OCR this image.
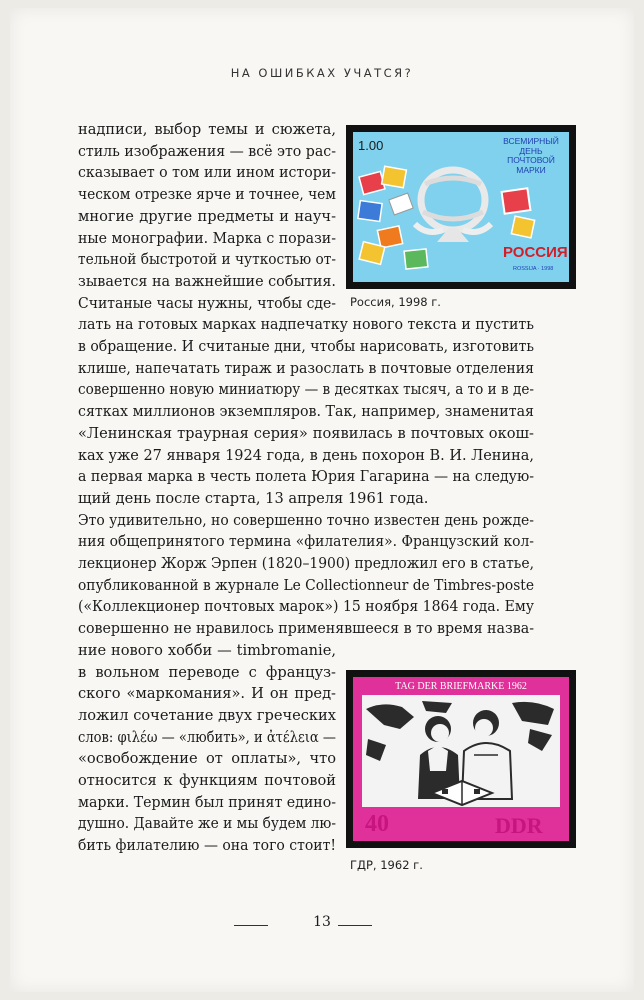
НА ОШИБКАХ УЧАТСЯ?
надписи, выбор темы и сюжета,
стиль изображения — всё это рас-
сказывает о том или ином истори-
ческом отрезке ярче и точнее, чем
многие другие предметы и науч-
ные монографии. Марка с порази-
тельной быстротой и чуткостью от-
зывается на важнейшие события.
Считаные часы нужны, чтобы сде-
лать на готовых марках надпечатку нового текста и пустить
в обращение. И считаные дни, чтобы нарисовать, изготовить
клише, напечатать тираж и разослать в почтовые отделения
совершенно новую миниатюру — в десятках тысяч, а то и в де-
сятках миллионов экземпляров. Так, например, знаменитая
«Ленинская траурная серия» появилась в почтовых окош-
ках уже 27 января 1924 года, в день похорон В. И. Ленина,
а первая марка в честь полета Юрия Гагарина — на следую-
щий день после старта, 13 апреля 1961 года.
Это удивительно, но совершенно точно известен день рожде-
ния общепринятого термина «филателия». Французский кол-
лекционер Жорж Эрпен (1820–1900) предложил его в статье,
опубликованной в журнале Le Collectionneur de Timbres-poste
(«Коллекционер почтовых марок») 15 ноября 1864 года. Ему
совершенно не нравилось применявшееся в то время назва-
ние нового хобби — timbromanie,
в вольном переводе с француз-
ского «маркомания». И он пред-
ложил сочетание двух греческих
слов: φιλέω — «любить», и ἀτέλεια —
«освобождение от оплаты», что
относится к функциям почтовой
марки. Термин был принят едино-
душно. Давайте же и мы будем лю-
бить филателию — она того стоит!
1.00	ВСЕМИРНЫЙ
ДЕНЬ
ПОЧТОВОЙ
МАРКИ
РОССИЯ
ROSSIJA · 1998
Россия, 1998 г.
TAG DER BRIEFMARKE 1962
40	DDR
ГДР, 1962 г.
13
